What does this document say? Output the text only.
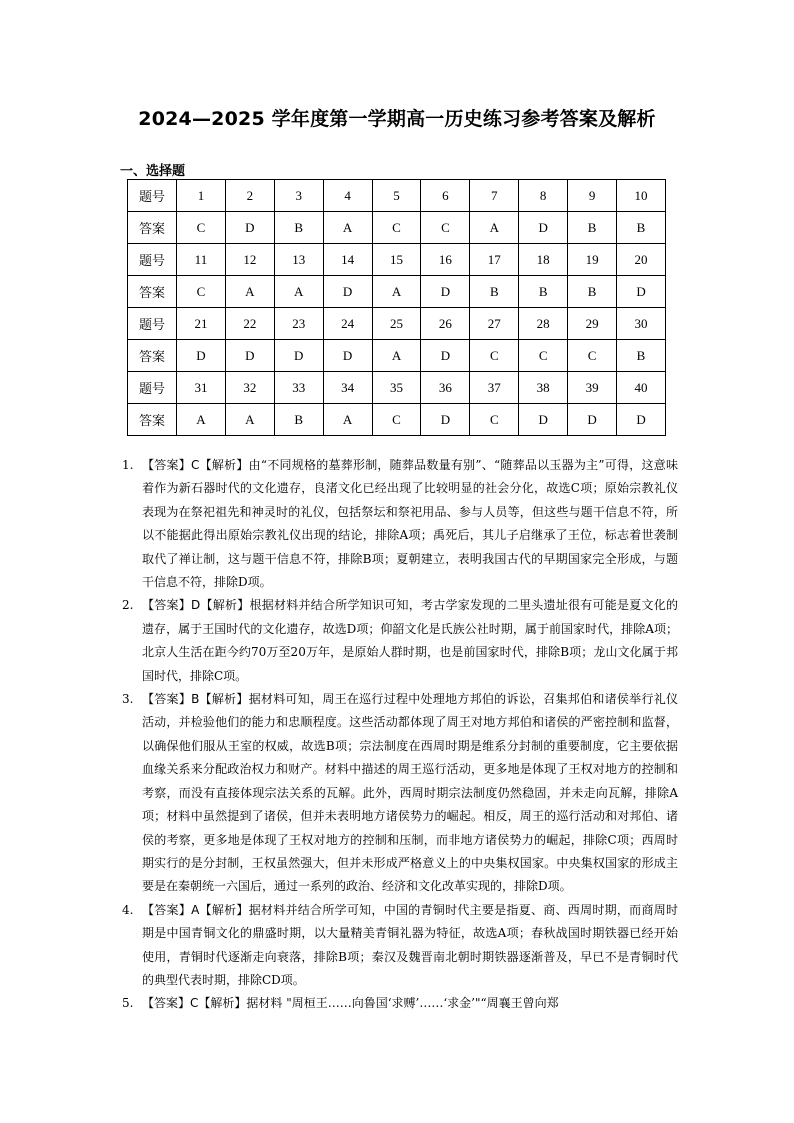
2024—2025 学年度第一学期高一历史练习参考答案及解析
一、选择题
题号	1	2	3	4	5	6	7	8	9	10
答案	C	D	B	A	C	C	A	D	B	B
题号	11	12	13	14	15	16	17	18	19	20
答案	C	A	A	D	A	D	B	B	B	D
题号	21	22	23	24	25	26	27	28	29	30
答案	D	D	D	D	A	D	C	C	C	B
题号	31	32	33	34	35	36	37	38	39	40
答案	A	A	B	A	C	D	C	D	D	D
1. 【答案】C【解析】由“不同规格的墓葬形制，随葬品数量有别”、“随葬品以玉器为主”可得，这意味着作为新石器时代的文化遗存，良渚文化已经出现了比较明显的社会分化，故选C项；原始宗教礼仪表现为在祭祀祖先和神灵时的礼仪，包括祭坛和祭祀用品、参与人员等，但这些与题干信息不符，所以不能据此得出原始宗教礼仪出现的结论，排除A项；禹死后，其儿子启继承了王位，标志着世袭制取代了禅让制，这与题干信息不符，排除B项；夏朝建立，表明我国古代的早期国家完全形成，与题干信息不符，排除D项。
2. 【答案】D【解析】根据材料并结合所学知识可知，考古学家发现的二里头遗址很有可能是夏文化的遗存，属于王国时代的文化遗存，故选D项；仰韶文化是氏族公社时期，属于前国家时代，排除A项；北京人生活在距今约70万至20万年，是原始人群时期，也是前国家时代，排除B项；龙山文化属于邦国时代，排除C项。
3. 【答案】B【解析】据材料可知，周王在巡行过程中处理地方邦伯的诉讼，召集邦伯和诸侯举行礼仪活动，并检验他们的能力和忠顺程度。这些活动都体现了周王对地方邦伯和诸侯的严密控制和监督，以确保他们服从王室的权威，故选B项；宗法制度在西周时期是维系分封制的重要制度，它主要依据血缘关系来分配政治权力和财产。材料中描述的周王巡行活动，更多地是体现了王权对地方的控制和考察，而没有直接体现宗法关系的瓦解。此外，西周时期宗法制度仍然稳固，并未走向瓦解，排除A项；材料中虽然提到了诸侯，但并未表明地方诸侯势力的崛起。相反，周王的巡行活动和对邦伯、诸侯的考察，更多地是体现了王权对地方的控制和压制，而非地方诸侯势力的崛起，排除C项；西周时期实行的是分封制，王权虽然强大，但并未形成严格意义上的中央集权国家。中央集权国家的形成主要是在秦朝统一六国后，通过一系列的政治、经济和文化改革实现的，排除D项。
4. 【答案】A【解析】据材料并结合所学可知，中国的青铜时代主要是指夏、商、西周时期，而商周时期是中国青铜文化的鼎盛时期，以大量精美青铜礼器为特征，故选A项；春秋战国时期铁器已经开始使用，青铜时代逐渐走向衰落，排除B项；秦汉及魏晋南北朝时期铁器逐渐普及，早已不是青铜时代的典型代表时期，排除CD项。
5. 【答案】C【解析】据材料 "周桓王……向鲁国‘求赙’……‘求金’"“周襄王曾向郑
